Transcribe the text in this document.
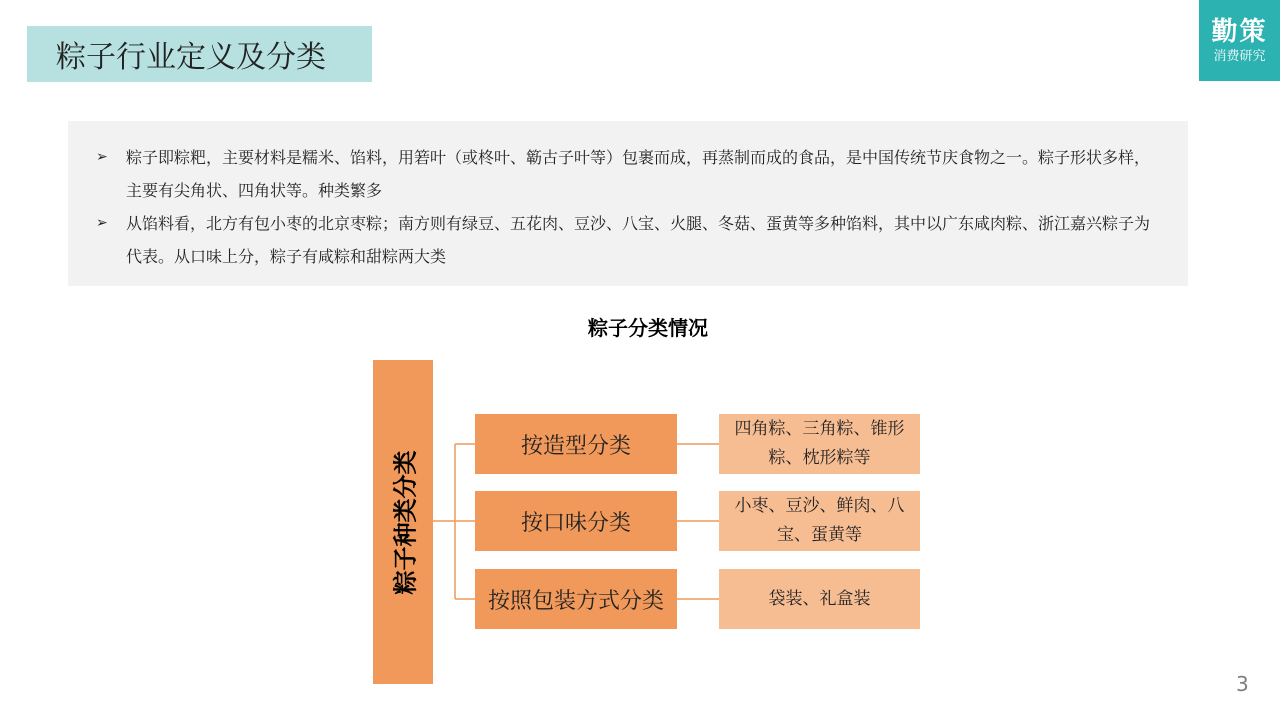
粽子行业定义及分类
勤策
消费研究
➢	粽子即粽粑，主要材料是糯米、馅料，用箬叶（或柊叶、簕古子叶等）包裹而成，再蒸制而成的食品，是中国传统节庆食物之一。粽子形状多样，主要有尖角状、四角状等。种类繁多
➢	从馅料看，北方有包小枣的北京枣粽；南方则有绿豆、五花肉、豆沙、八宝、火腿、冬菇、蛋黄等多种馅料，其中以广东咸肉粽、浙江嘉兴粽子为代表。从口味上分，粽子有咸粽和甜粽两大类
粽子分类情况
粽子种类分类
按造型分类
按口味分类
按照包装方式分类
四角粽、三角粽、锥形粽、枕形粽等
小枣、豆沙、鲜肉、八宝、蛋黄等
袋装、礼盒装
3
